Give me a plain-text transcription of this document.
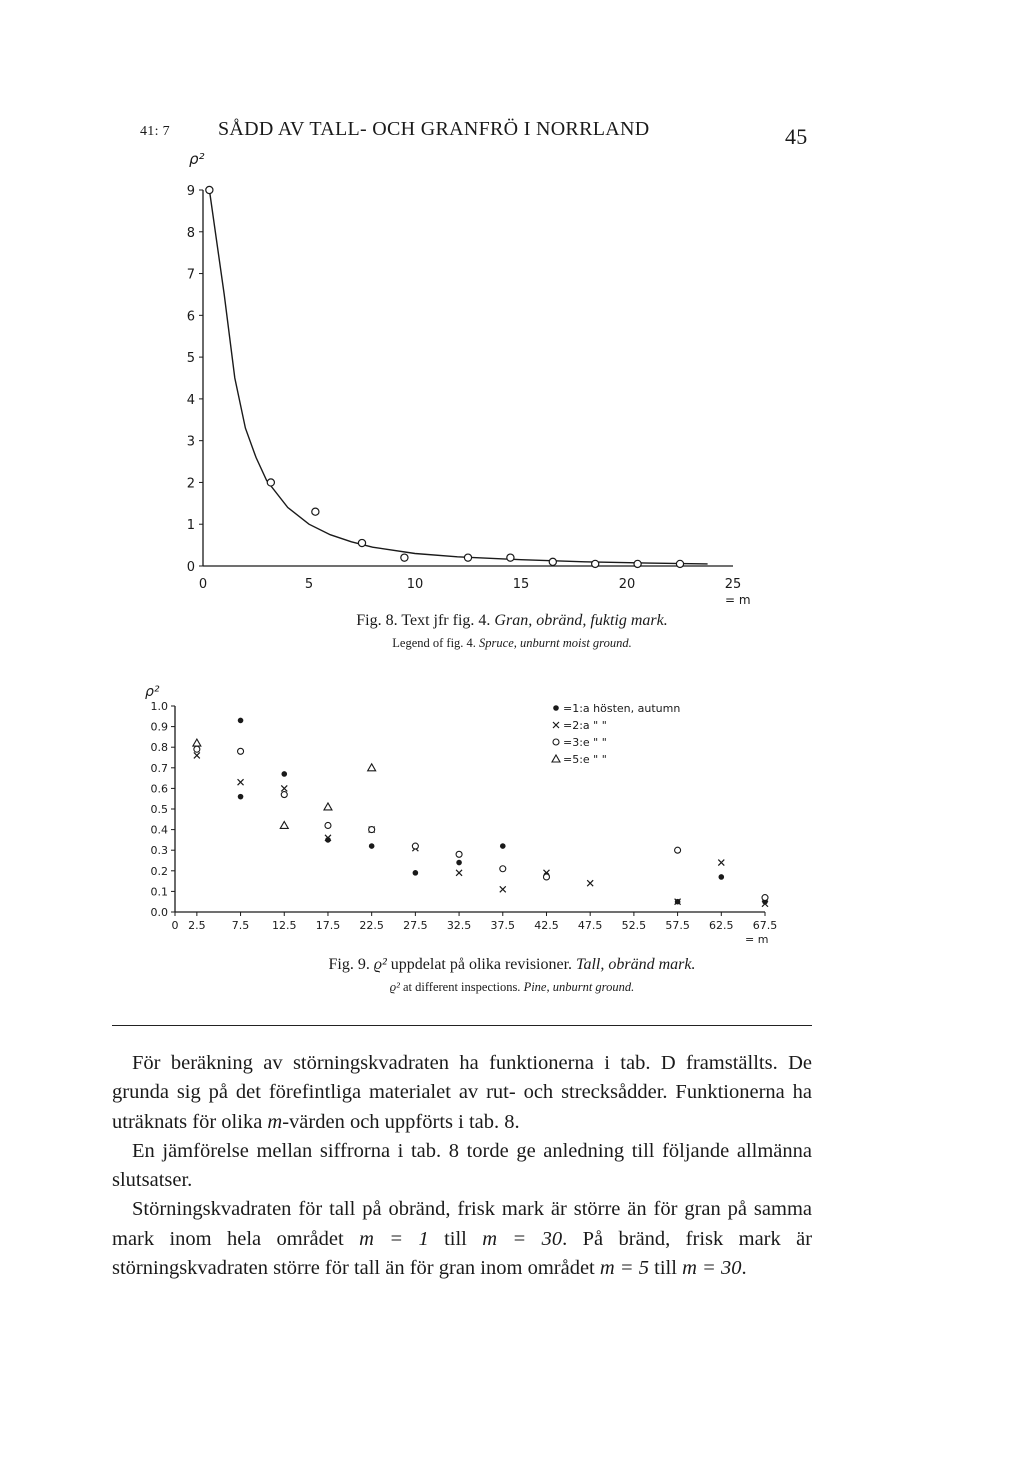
41: 7 SÅDD AV TALL- OCH GRANFRÖ I NORRLAND	45
0
1
2
3
4
5
6
7
8
9
0	5	10	15	20	25
ρ²
= m
0.0
0.1
0.2
0.3
0.4
0.5
0.6
0.7
0.8
0.9
1.0
0 2.5 7.5 12.5 17.5 22.5 27.5 32.5 37.5 42.5 47.5 52.5 57.5 62.5 67.5
ρ²
= m
=1:a hösten, autumn
=2:a " "
=3:e " "
=5:e " "
Fig. 8. Text jfr fig. 4. Gran, obränd, fuktig mark.
Legend of fig. 4. Spruce, unburnt moist ground.
Fig. 9. ϱ² uppdelat på olika revisioner. Tall, obränd mark.
ϱ² at different inspections. Pine, unburnt ground.

För beräkning av störningskvadraten ha funktionerna i tab. D framställts. De grunda sig på det förefintliga materialet av rut- och strecksådder. Funktionerna ha uträknats för olika m-värden och uppförts i tab. 8.

En jämförelse mellan siffrorna i tab. 8 torde ge anledning till följande allmänna slutsatser.

Störningskvadraten för tall på obränd, frisk mark är större än för gran på samma mark inom hela området m = 1 till m = 30. På bränd, frisk mark är störningskvadraten större för tall än för gran inom området m = 5 till m = 30.
